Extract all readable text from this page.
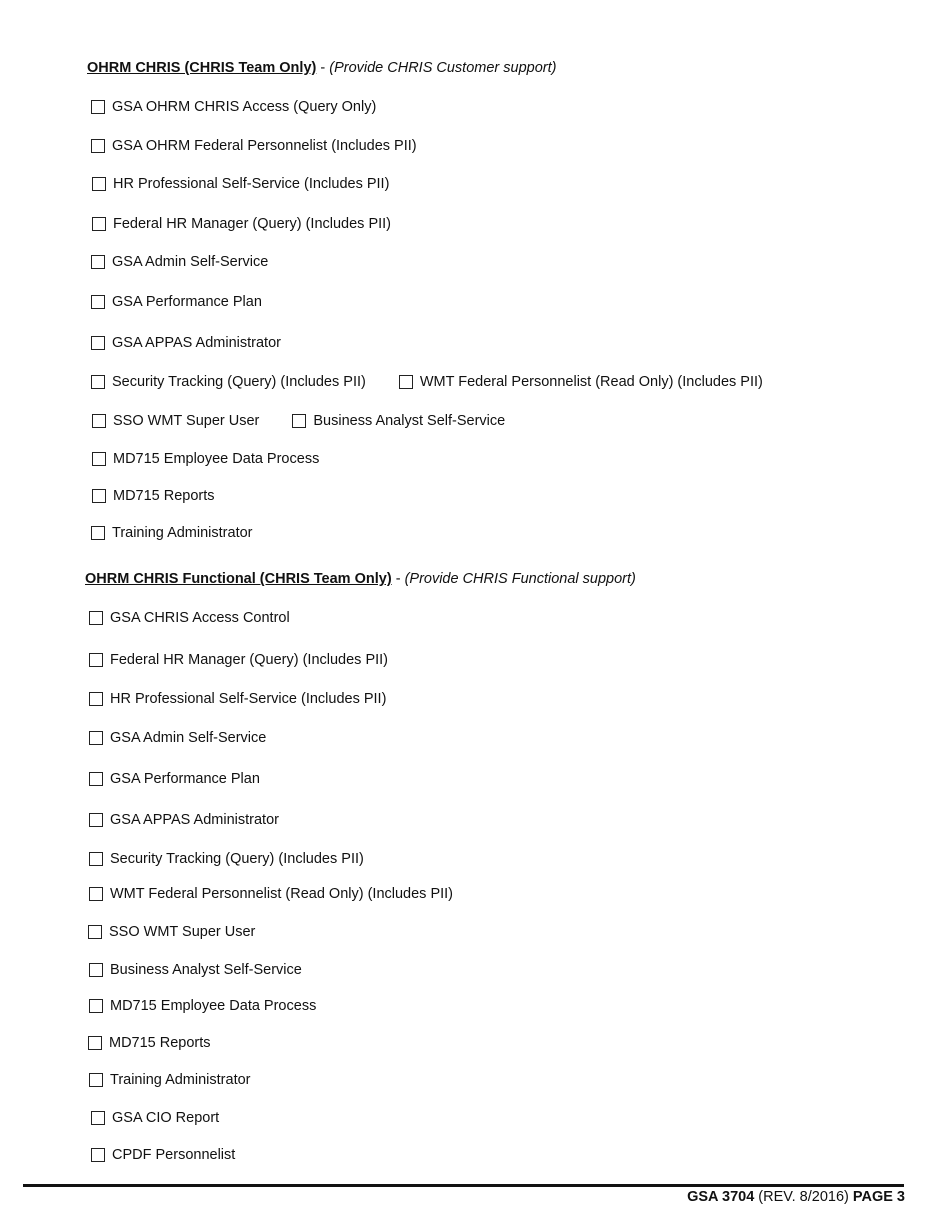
OHRM CHRIS (CHRIS Team Only) - (Provide CHRIS Customer support)
GSA OHRM CHRIS Access (Query Only)
GSA OHRM Federal Personnelist (Includes PII)
HR Professional Self-Service (Includes PII)
Federal HR Manager (Query) (Includes PII)
GSA Admin Self-Service
GSA Performance Plan
GSA APPAS Administrator
Security Tracking (Query) (Includes PII)	WMT Federal Personnelist (Read Only) (Includes PII)
SSO WMT Super User	Business Analyst Self-Service
MD715 Employee Data Process
MD715 Reports
Training Administrator
OHRM CHRIS Functional (CHRIS Team Only) - (Provide CHRIS Functional support)
GSA CHRIS Access Control
Federal HR Manager (Query) (Includes PII)
HR Professional Self-Service (Includes PII)
GSA Admin Self-Service
GSA Performance Plan
GSA APPAS Administrator
Security Tracking (Query) (Includes PII)
WMT Federal Personnelist (Read Only) (Includes PII)
SSO WMT Super User
Business Analyst Self-Service
MD715 Employee Data Process
MD715 Reports
Training Administrator
GSA CIO Report
CPDF Personnelist
GSA 3704 (REV. 8/2016) PAGE 3
